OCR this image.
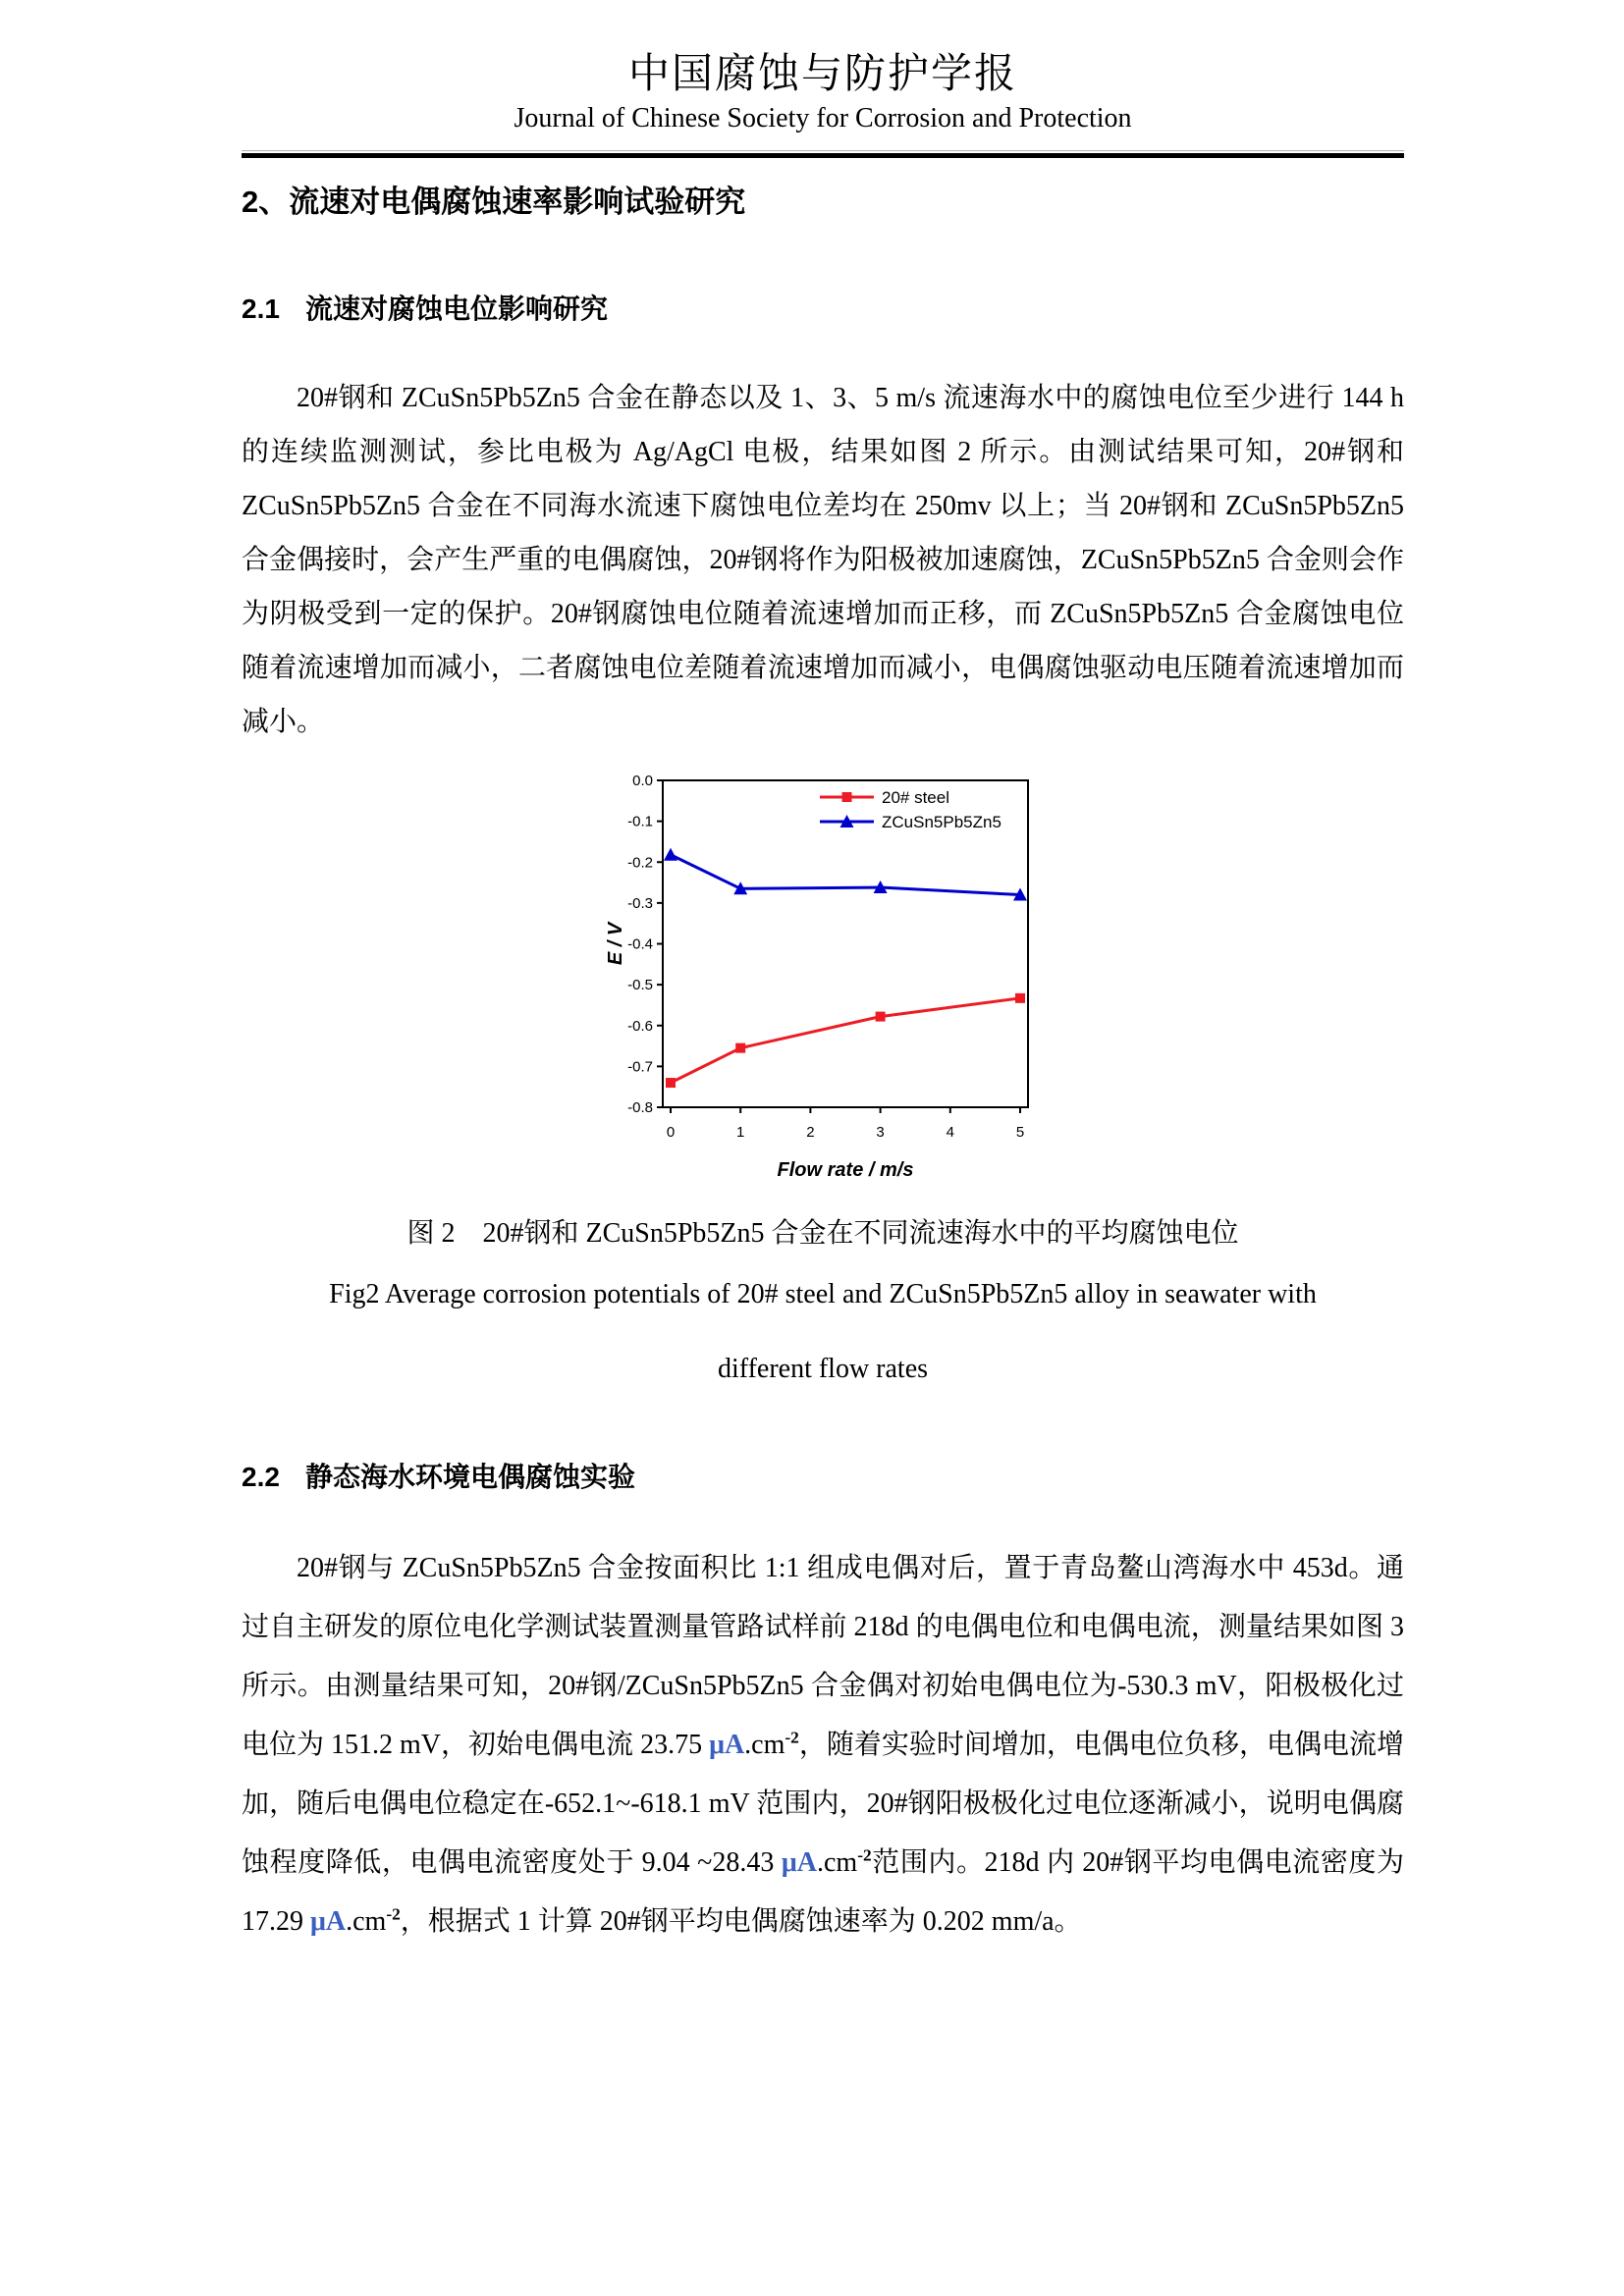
中国腐蚀与防护学报
Journal of Chinese Society for Corrosion and Protection
2、流速对电偶腐蚀速率影响试验研究
2.1 流速对腐蚀电位影响研究
20#钢和 ZCuSn5Pb5Zn5 合金在静态以及 1、3、5 m/s 流速海水中的腐蚀电位至少进行 144 h 的连续监测测试，参比电极为 Ag/AgCl 电极，结果如图 2 所示。由测试结果可知，20#钢和 ZCuSn5Pb5Zn5 合金在不同海水流速下腐蚀电位差均在 250mv 以上；当 20#钢和 ZCuSn5Pb5Zn5 合金偶接时，会产生严重的电偶腐蚀，20#钢将作为阳极被加速腐蚀，ZCuSn5Pb5Zn5 合金则会作为阴极受到一定的保护。20#钢腐蚀电位随着流速增加而正移，而 ZCuSn5Pb5Zn5 合金腐蚀电位随着流速增加而减小，二者腐蚀电位差随着流速增加而减小，电偶腐蚀驱动电压随着流速增加而减小。
0.0
-0.1
-0.2
-0.3
-0.4
-0.5
-0.6
-0.7
-0.8
0	1	2	3	4	5
20# steel
ZCuSn5Pb5Zn5
Flow rate / m/s
E / V
图 2　20#钢和 ZCuSn5Pb5Zn5 合金在不同流速海水中的平均腐蚀电位
Fig2 Average corrosion potentials of 20# steel and ZCuSn5Pb5Zn5 alloy in seawater with
different flow rates
2.2 静态海水环境电偶腐蚀实验
20#钢与 ZCuSn5Pb5Zn5 合金按面积比 1:1 组成电偶对后，置于青岛鳌山湾海水中 453d。通过自主研发的原位电化学测试装置测量管路试样前 218d 的电偶电位和电偶电流，测量结果如图 3 所示。由测量结果可知，20#钢/ZCuSn5Pb5Zn5 合金偶对初始电偶电位为-530.3 mV，阳极极化过电位为 151.2 mV，初始电偶电流 23.75 $\mu A.cm^{-2}$，随着实验时间增加，电偶电位负移，电偶电流增加，随后电偶电位稳定在-652.1~-618.1 mV 范围内，20#钢阳极极化过电位逐渐减小，说明电偶腐蚀程度降低，电偶电流密度处于 9.04 ~28.43 $\mu A.cm^{-2}$范围内。218d 内 20#钢平均电偶电流密度为 17.29 $\mu A.cm^{-2}$，根据式 1 计算 20#钢平均电偶腐蚀速率为 0.202 mm/a。
